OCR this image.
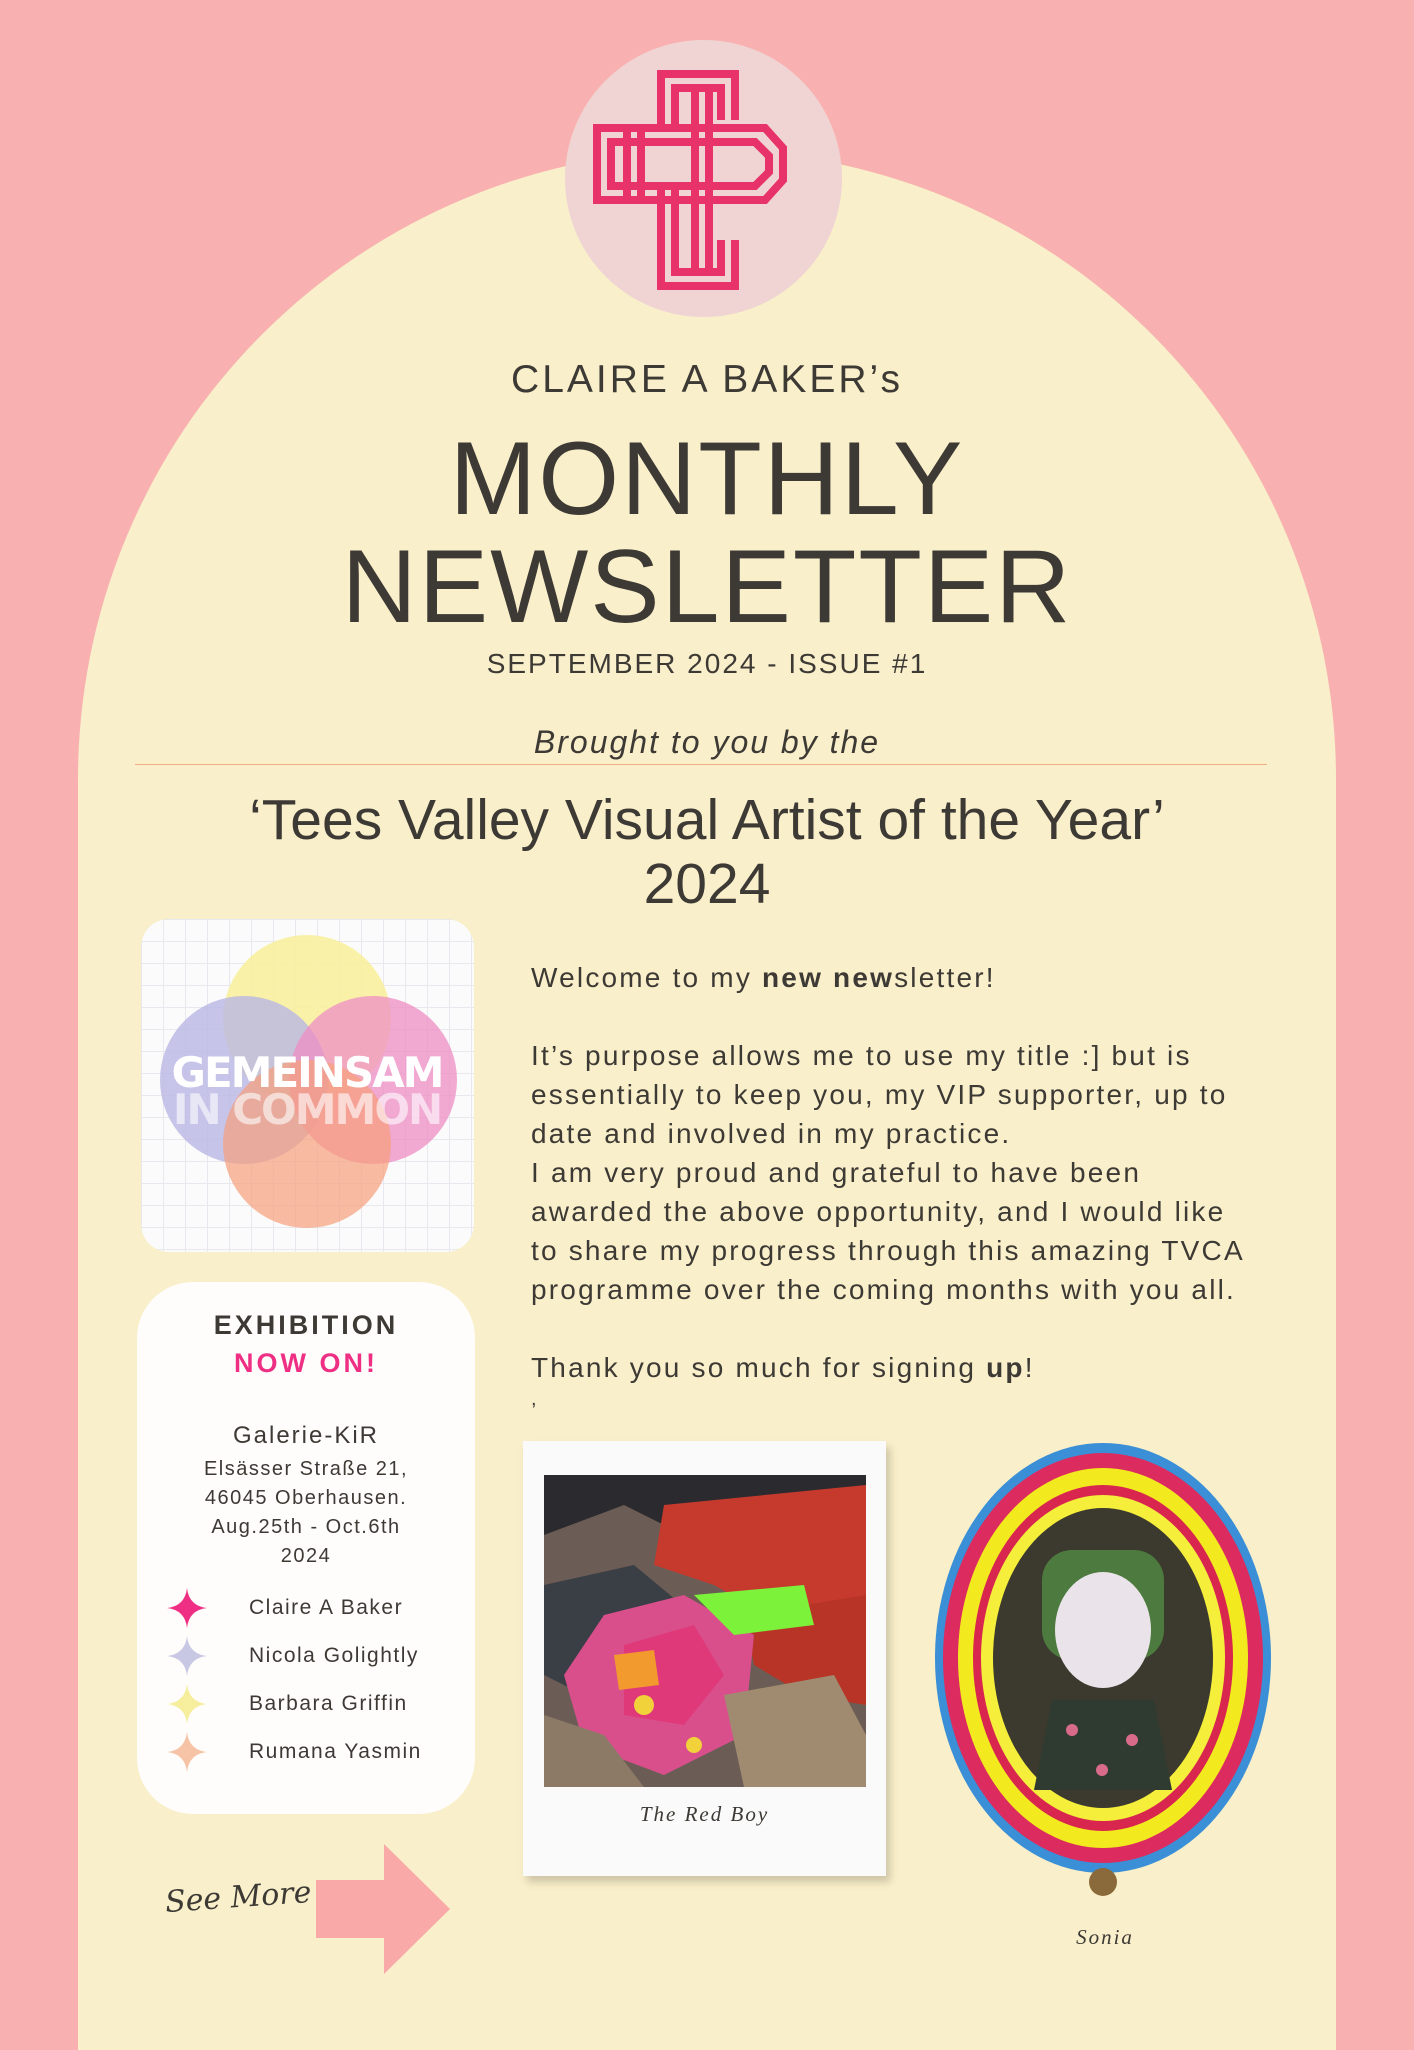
CLAIRE A BAKER’s
MONTHLY
NEWSLETTER
SEPTEMBER 2024 - ISSUE #1
Brought to you by the
‘Tees Valley Visual Artist of the Year’
2024
GEMEINSAM
IN COMMON

Welcome to my new newsletter!

It’s purpose allows me to use my title :] but is

essentially to keep you, my VIP supporter, up to

date and involved in my practice.

I am very proud and grateful to have been

awarded the above opportunity, and I would like

to share my progress through this amazing TVCA

programme over the coming months with you all.

Thank you so much for signing up!

,

EXHIBITION
NOW ON!
Galerie-KiR
Elsässer Straße 21,
46045 Oberhausen.
Aug.25th - Oct.6th
2024
Claire A Baker
Nicola Golightly
Barbara Griffin
Rumana Yasmin
The Red Boy
Sonia
See More
